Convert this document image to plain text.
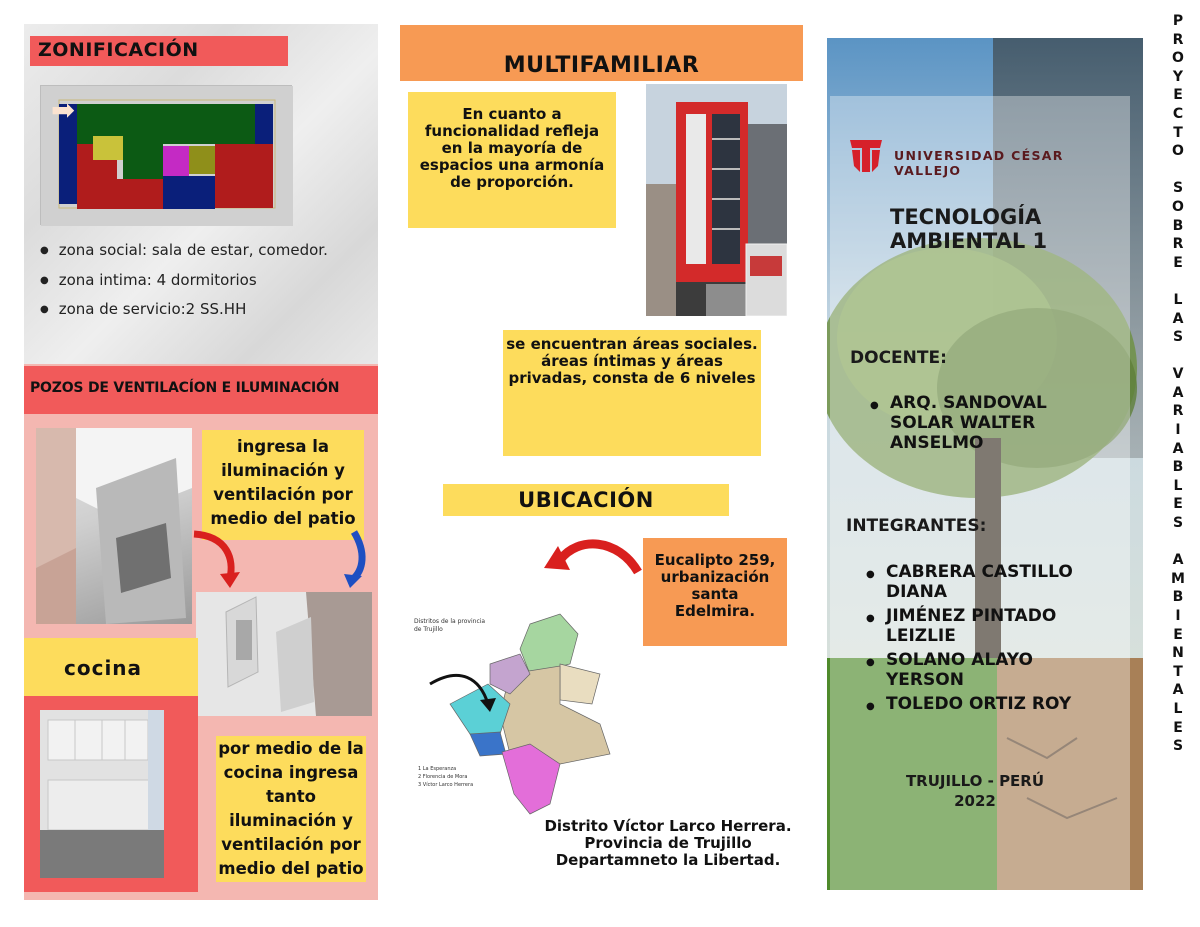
ZONIFICACIÓN
● zona social: sala de estar, comedor.
● zona intima: 4 dormitorios
● zona de servicio:2 SS.HH
POZOS DE VENTILACÍON E ILUMINACIÓN
ingresa la iluminación y ventilación por medio del patio
cocina
por medio de la cocina ingresa tanto iluminación y ventilación por medio del patio
MULTIFAMILIAR
En cuanto a funcionalidad refleja en la mayoría de espacios una armonía de proporción.
se encuentran áreas sociales. áreas íntimas y áreas privadas, consta de 6 niveles
UBICACIÓN
Eucalipto 259, urbanización santa Edelmira.
Distritos de la provincia de Trujillo
1 La Esperanza
2 Florencia de Mora
3 Víctor Larco Herrera
Distrito Víctor Larco Herrera. Provincia de Trujillo Departamneto la Libertad.
UNIVERSIDAD CÉSAR VALLEJO
TECNOLOGÍA AMBIENTAL 1
DOCENTE:
● ARQ. SANDOVAL SOLAR WALTER ANSELMO
INTEGRANTES:
● CABRERA CASTILLO DIANA
● JIMÉNEZ PINTADO LEIZLIE
● SOLANO ALAYO YERSON
● TOLEDO ORTIZ ROY
TRUJILLO - PERÚ
2022
P
R
O
Y
E
C
T
O

S
O
B
R
E

L
A
S

V
A
R
I
A
B
L
E
S

A
M
B
I
E
N
T
A
L
E
S
